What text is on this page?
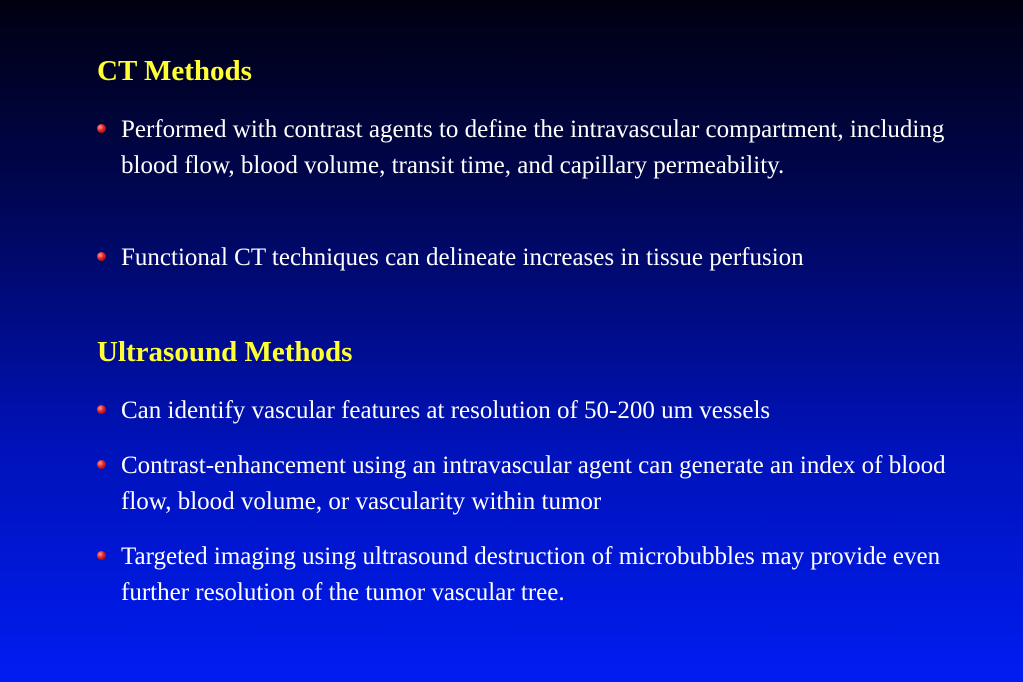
CT Methods
Performed with contrast agents to define the intravascular compartment, including blood flow, blood volume, transit time, and capillary permeability.
Functional CT techniques can delineate increases in tissue perfusion
Ultrasound Methods
Can identify vascular features at resolution of 50-200 um vessels
Contrast-enhancement using an intravascular agent can generate an index of blood flow, blood volume, or vascularity within tumor
Targeted imaging using ultrasound destruction of microbubbles may provide even further resolution of the tumor vascular tree.
